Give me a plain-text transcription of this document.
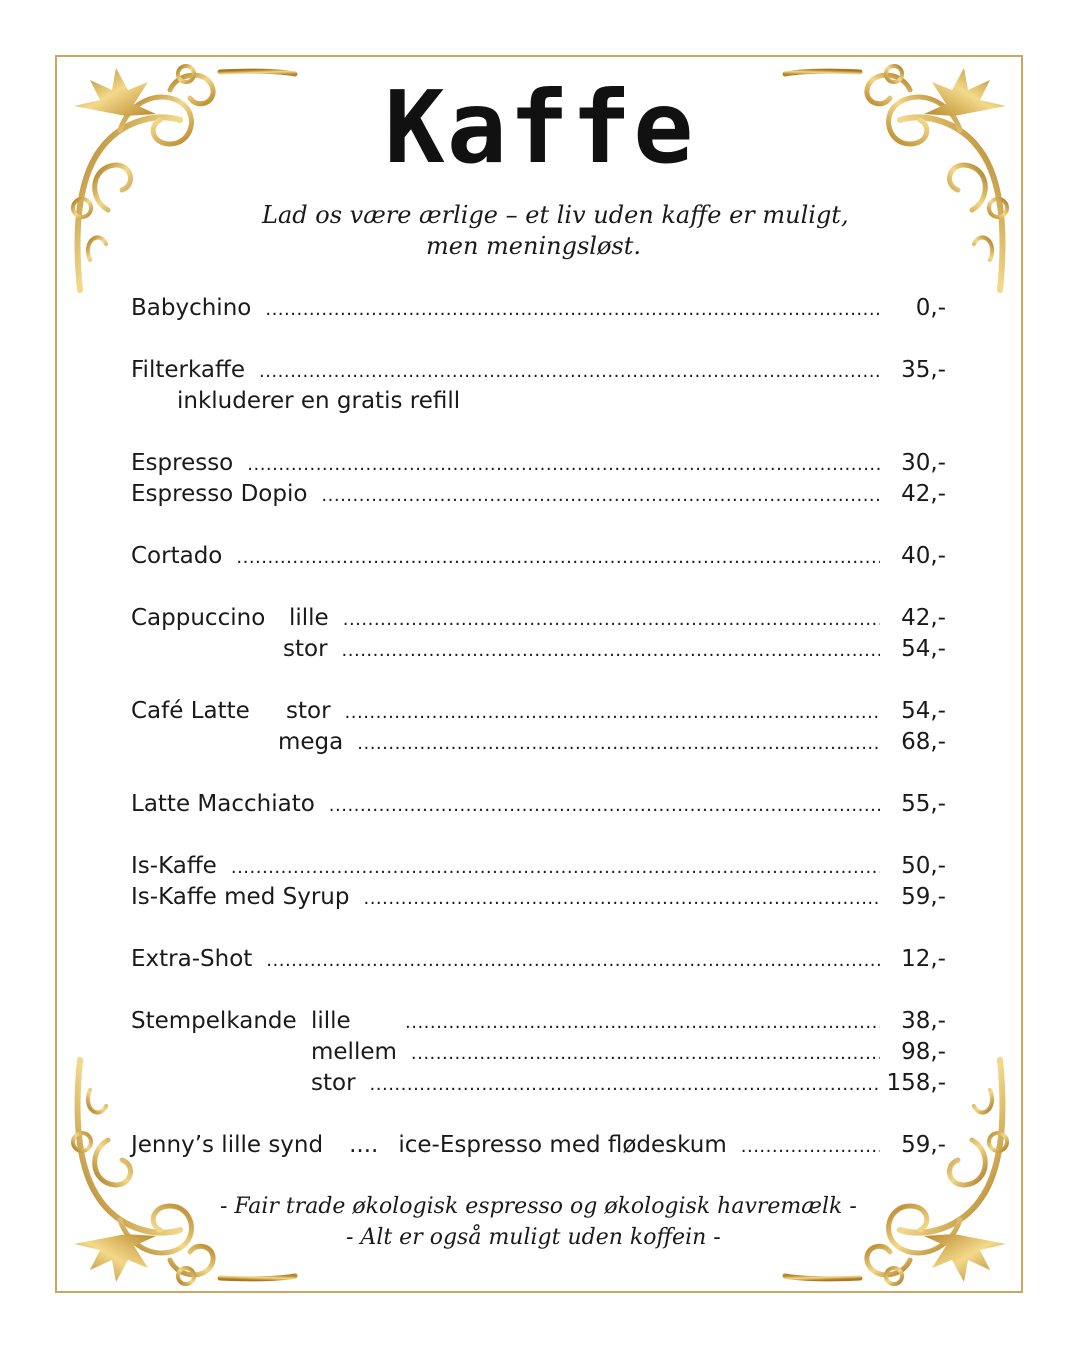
Kaffe
Lad os være ærlige – et liv uden kaffe er muligt,
men meningsløst.
Babychino .....	0,-
Filterkaffe .....	35,-
inkluderer en gratis refill
Espresso .....	30,-
Espresso Dopio .....	42,-
Cortado .....	40,-
Cappuccino	lille .....	42,-
stor .....	54,-
Café Latte	stor .....	54,-
mega .....	68,-
Latte Macchiato .....	55,-
Is-Kaffe .....	50,-
Is-Kaffe med Syrup .....	59,-
Extra-Shot .....	12,-
Stempelkande lille .....	38,-
mellem .....	98,-
stor .....	158,-
Jenny’s lille synd .... ice-Espresso med flødeskum .....	59,-
- Fair trade økologisk espresso og økologisk havremælk -
- Alt er også muligt uden koffein -
